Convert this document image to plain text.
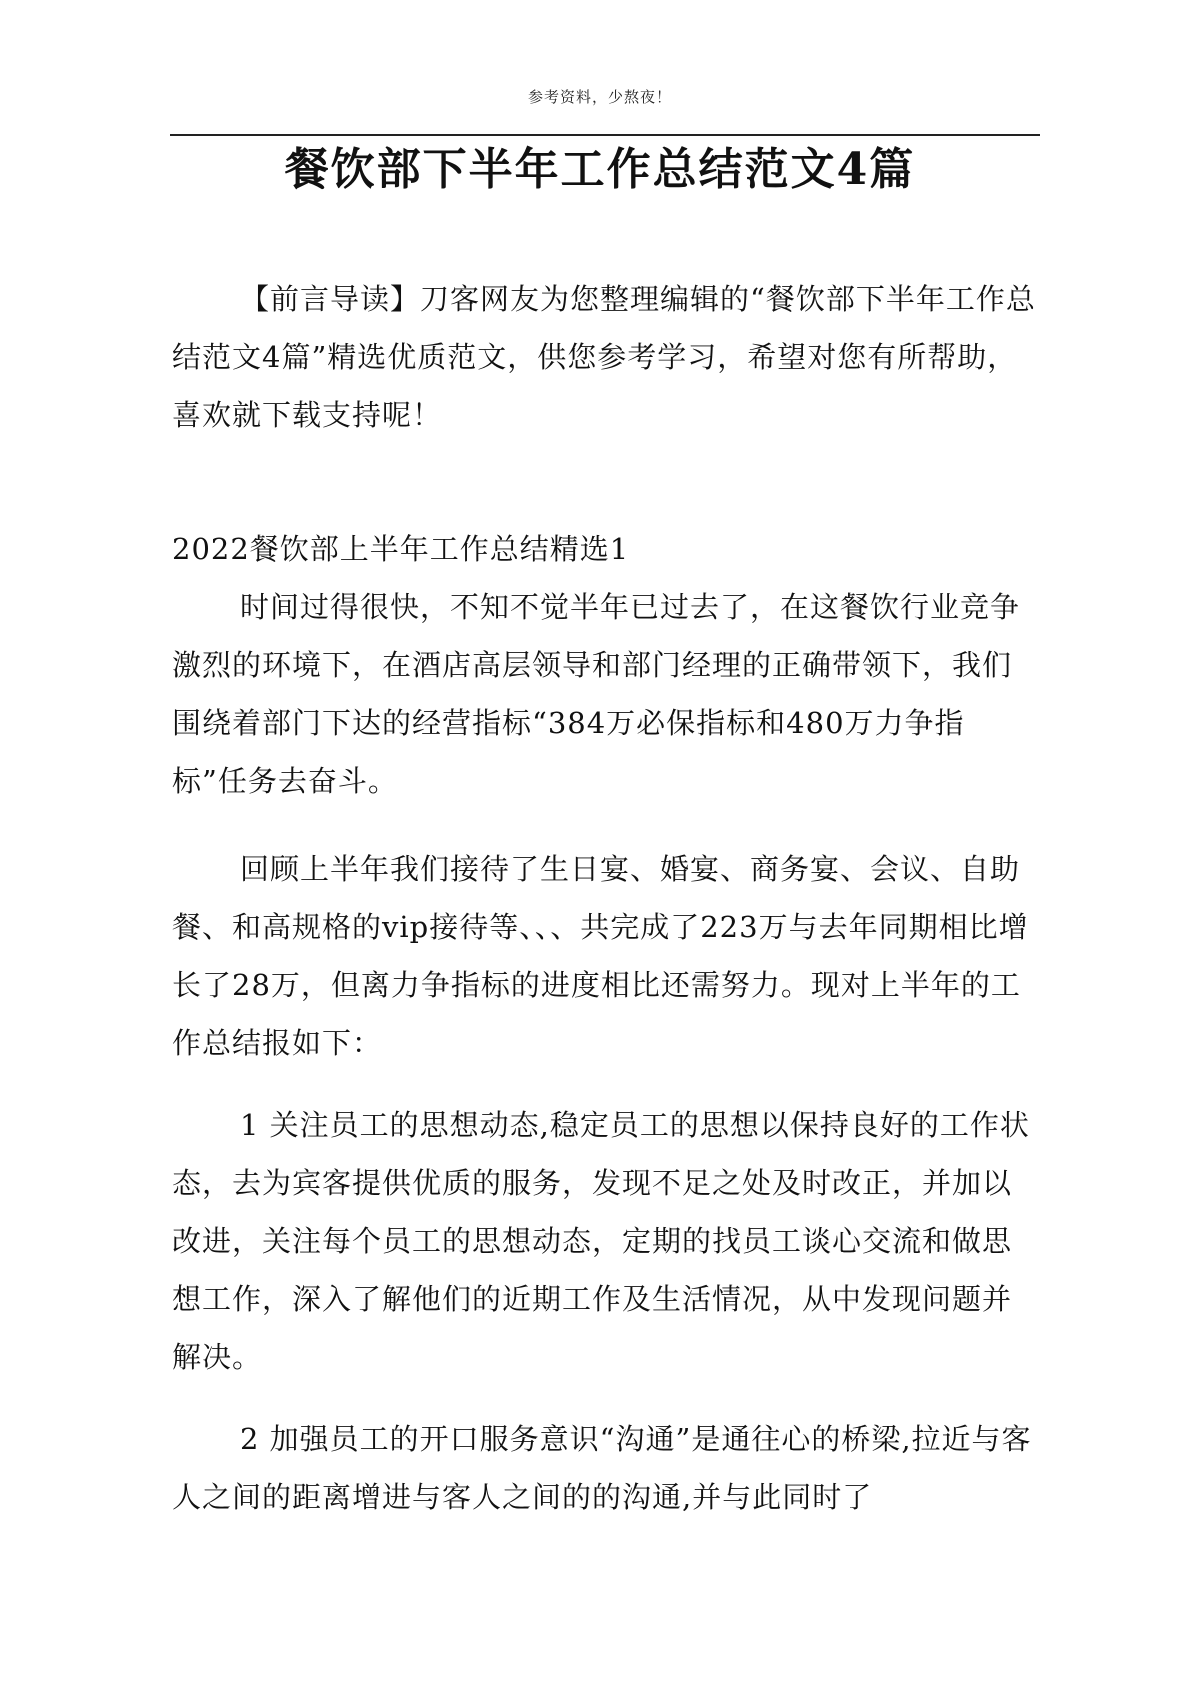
参考资料，少熬夜！
餐饮部下半年工作总结范文4篇

【前言导读】刀客网友为您整理编辑的“餐饮部下半年工作总结范文4篇”精选优质范文，供您参考学习，希望对您有所帮助，喜欢就下载支持呢！

2022餐饮部上半年工作总结精选1

时间过得很快，不知不觉半年已过去了，在这餐饮行业竞争激烈的环境下，在酒店高层领导和部门经理的正确带领下，我们围绕着部门下达的经营指标“384万必保指标和480万力争指标”任务去奋斗。

回顾上半年我们接待了生日宴、婚宴、商务宴、会议、自助餐、和高规格的vip接待等、、、共完成了223万与去年同期相比增长了28万，但离力争指标的进度相比还需努力。现对上半年的工作总结报如下：

1 关注员工的思想动态,稳定员工的思想以保持良好的工作状态，去为宾客提供优质的服务，发现不足之处及时改正，并加以改进，关注每个员工的思想动态，定期的找员工谈心交流和做思想工作，深入了解他们的近期工作及生活情况，从中发现问题并解决。

2 加强员工的开口服务意识“沟通”是通往心的桥梁,拉近与客人之间的距离增进与客人之间的的沟通,并与此同时了
